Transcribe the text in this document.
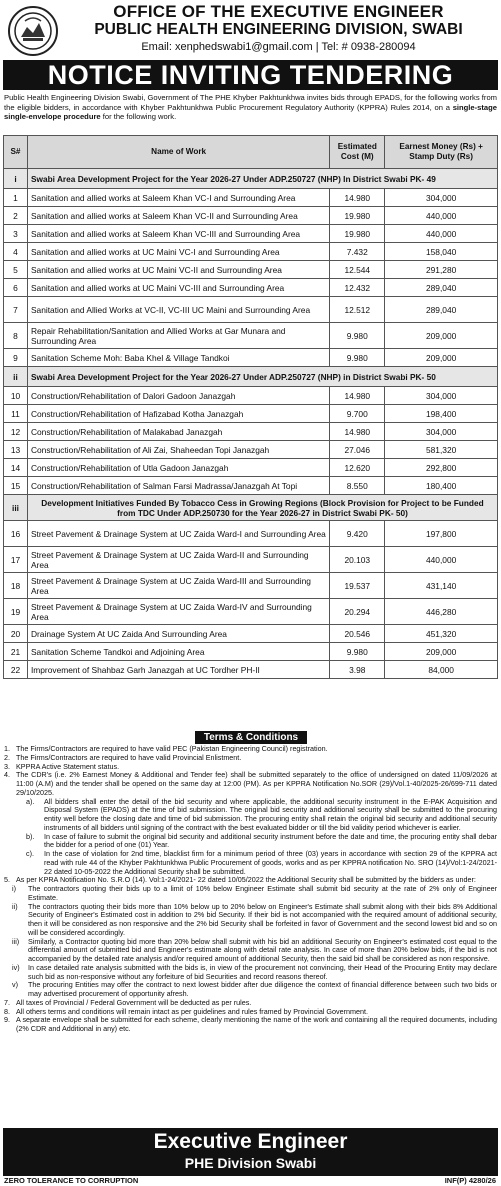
OFFICE OF THE EXECUTIVE ENGINEER
PUBLIC HEALTH ENGINEERING DIVISION, SWABI
Email: xenphedswabi1@gmail.com | Tel: # 0938-280094
NOTICE INVITING TENDERING
Public Health Engineering Division Swabi, Government of The PHE Khyber Pakhtunkhwa invites bids through EPADS, for the following works from the eligible bidders, in accordance with Khyber Pakhtunkhwa Public Procurement Regulatory Authority (KPPRA) Rules 2014, on a single-stage single-envelope procedure for the following work.
S#	Name of Work	Estimated Cost (M)	Earnest Money (Rs) + Stamp Duty (Rs)
i	Swabi Area Development Project for the Year 2026-27 Under ADP.250727 (NHP) In District Swabi PK- 49		
1	Sanitation and allied works at Saleem Khan VC-I and Surrounding Area	14.980	304,000
2	Sanitation and allied works at Saleem Khan VC-II and Surrounding Area	19.980	440,000
3	Sanitation and allied works at Saleem Khan VC-III and Surrounding Area	19.980	440,000
4	Sanitation and allied works at UC Maini VC-I and Surrounding Area	7.432	158,040
5	Sanitation and allied works at UC Maini VC-II and Surrounding Area	12.544	291,280
6	Sanitation and allied works at UC Maini VC-III and Surrounding Area	12.432	289,040
7	Sanitation and Allied Works at VC-II, VC-III UC Maini and Surrounding Area	12.512	289,040
8	Repair Rehabilitation/Sanitation and Allied Works at Gar Munara and Surrounding Area	9.980	209,000
9	Sanitation Scheme Moh: Baba Khel & Village Tandkoi	9.980	209,000
ii	Swabi Area Development Project for the Year 2026-27 Under ADP.250727 (NHP) in District Swabi PK- 50		
10	Construction/Rehabilitation of Dalori Gadoon Janazgah	14.980	304,000
11	Construction/Rehabilitation of Hafizabad Kotha Janazgah	9.700	198,400
12	Construction/Rehabilitation of Malakabad Janazgah	14.980	304,000
13	Construction/Rehabilitation of Ali Zai, Shaheedan Topi Janazgah	27.046	581,320
14	Construction/Rehabilitation of Utla Gadoon Janazgah	12.620	292,800
15	Construction/Rehabilitation of Salman Farsi Madrassa/Janazgah At Topi	8.550	180,400
iii	Development Initiatives Funded By Tobacco Cess in Growing Regions (Block Provision for Project to be Funded from TDC Under ADP.250730 for the Year 2026-27 in District Swabi PK- 50)		
16	Street Pavement & Drainage System at UC Zaida Ward-I and Surrounding Area	9.420	197,800
17	Street Pavement & Drainage System at UC Zaida Ward-II and Surrounding Area	20.103	440,000
18	Street Pavement & Drainage System at UC Zaida Ward-III and Surrounding Area	19.537	431,140
19	Street Pavement & Drainage System at UC Zaida Ward-IV and Surrounding Area	20.294	446,280
20	Drainage System At UC Zaida And Surrounding Area	20.546	451,320
21	Sanitation Scheme Tandkoi and Adjoining Area	9.980	209,000
22	Improvement of Shahbaz Garh Janazgah at UC Tordher PH-II	3.98	84,000
Terms & Conditions
1. The Firms/Contractors are required to have valid PEC (Pakistan Engineering Council) registration.
2. The Firms/Contractors are required to have valid Provincial Enlistment.
3. KPPRA Active Statement status.
4. The CDR's (i.e. 2% Earnest Money & Additional and Tender fee) shall be submitted separately to the office of undersigned on dated 11/09/2026 at 11:00 (A.M) and the tender shall be opened on the same day at 12:00 (PM). As per KPPRA Notification No.SOR (29)/Vol.1-40/2025-26/699-711 dated 29/10/2025.
a). All bidders shall enter the detail of the bid security and where applicable, the additional security instrument in the E-PAK Acquisition and Disposal System (EPADS) at the time of bid submission. The original bid security and additional security shall be submitted to the procuring entity well before the closing date and time of bid submission. The procuring entity shall retain the original bid security and additional security instruments of all bidders until signing of the contract with the best evaluated bidder or till the bid validity period whichever is earlier.
b). In case of failure to submit the original bid security and additional security instrument before the date and time, the procuring entity shall debar the bidder for a period of one (01) Year.
c). In the case of violation for 2nd time, blacklist firm for a minimum period of three (03) years in accordance with section 29 of the KPPRA act read with rule 44 of the Khyber Pakhtunkhwa Public Procurement of goods, works and as per KPPRA notification No. SRO (14)/Vol:1-24/2021-22 dated 10-05-2022 the Additional Security shall be submitted.
5. As per KPRA Notification No. S.R.O (14). Vol:1-24/2021- 22 dated 10/05/2022 the Additional Security shall be submitted by the bidders as under:
i) The contractors quoting their bids up to a limit of 10% below Engineer Estimate shall submit bid security at the rate of 2% only of Engineer Estimate.
ii) The contractors quoting their bids more than 10% below up to 20% below on Engineer's Estimate shall submit along with their bids 8% Additional Security of Engineer's Estimated cost in addition to 2% bid Security. If their bid is not accompanied with the required amount of additional security, then it will be considered as non responsive and the 2% bid Security shall be forfeited in favor of Government and the second lowest bid and so on will be considered accordingly.
iii) Similarly, a Contractor quoting bid more than 20% below shall submit with his bid an additional Security on Engineer's estimated cost equal to the differential amount of submitted bid and Engineer's estimate along with detail rate analysis. In case of more than 20% below bids, if the bid is not accompanied by the detailed rate analysis and/or required amount of additional Security, then the said bid shall be considered as non responsive.
iv) In case detailed rate analysis submitted with the bids is, in view of the procurement not convincing, their Head of the Procuring Entity may declare such bid as non-responsive without any forfeiture of bid Securities and record reasons thereof.
v) The procuring Entities may offer the contract to next lowest bidder after due diligence the context of financial difference between such two bids or may advertised procurement of opportunity afresh.
7. All taxes of Provincial / Federal Government will be deducted as per rules.
8. All others terms and conditions will remain intact as per guidelines and rules framed by Provincial Government.
9. A separate envelope shall be submitted for each scheme, clearly mentioning the name of the work and containing all the required documents, including (2% CDR and Additional in any) etc.
Executive Engineer
PHE Division Swabi
ZERO TOLERANCE TO CORRUPTION	INF(P) 4280/26
